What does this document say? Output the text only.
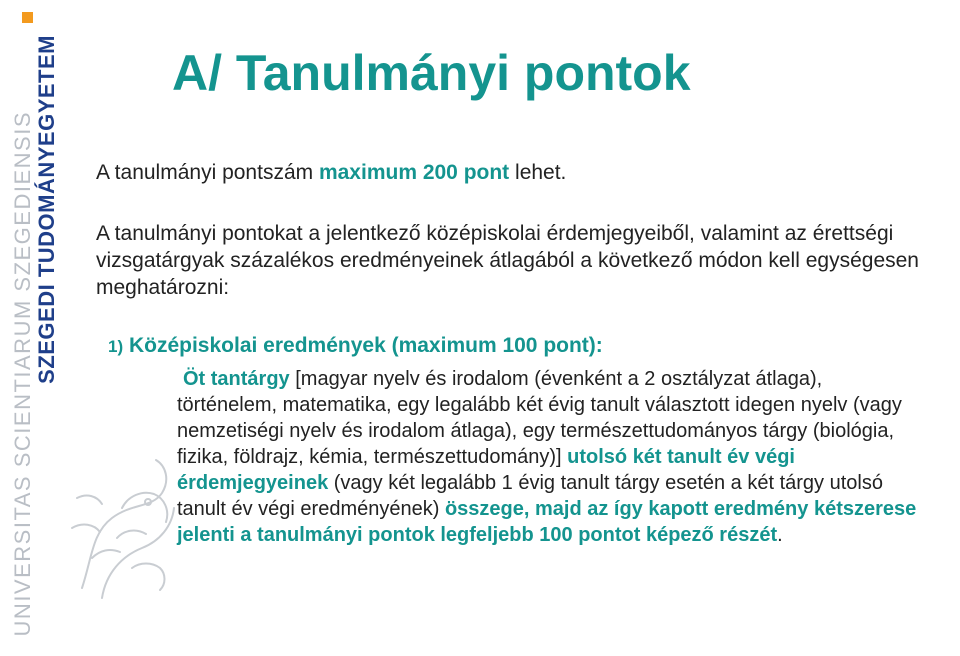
UNIVERSITAS SCIENTIARUM SZEGEDIENSIS SZEGEDI TUDOMÁNYEGYETEM A/ Tanulmányi pontok

A tanulmányi pontszám maximum 200 pont lehet.

A tanulmányi pontokat a jelentkező középiskolai érdemjegyeiből, valamint az érettségi vizsgatárgyak százalékos eredményeinek átlagából a következő módon kell egységesen meghatározni:

1) Középiskolai eredmények (maximum 100 pont):

Öt tantárgy [magyar nyelv és irodalom (évenként a 2 osztályzat átlaga), történelem, matematika, egy legalább két évig tanult választott idegen nyelv (vagy nemzetiségi nyelv és irodalom átlaga), egy természettudományos tárgy (biológia, fizika, földrajz, kémia, természettudomány)] utolsó két tanult év végi érdemjegyeinek (vagy két legalább 1 évig tanult tárgy esetén a két tárgy utolsó tanult év végi eredményének) összege, majd az így kapott eredmény kétszerese jelenti a tanulmányi pontok legfeljebb 100 pontot képező részét.
